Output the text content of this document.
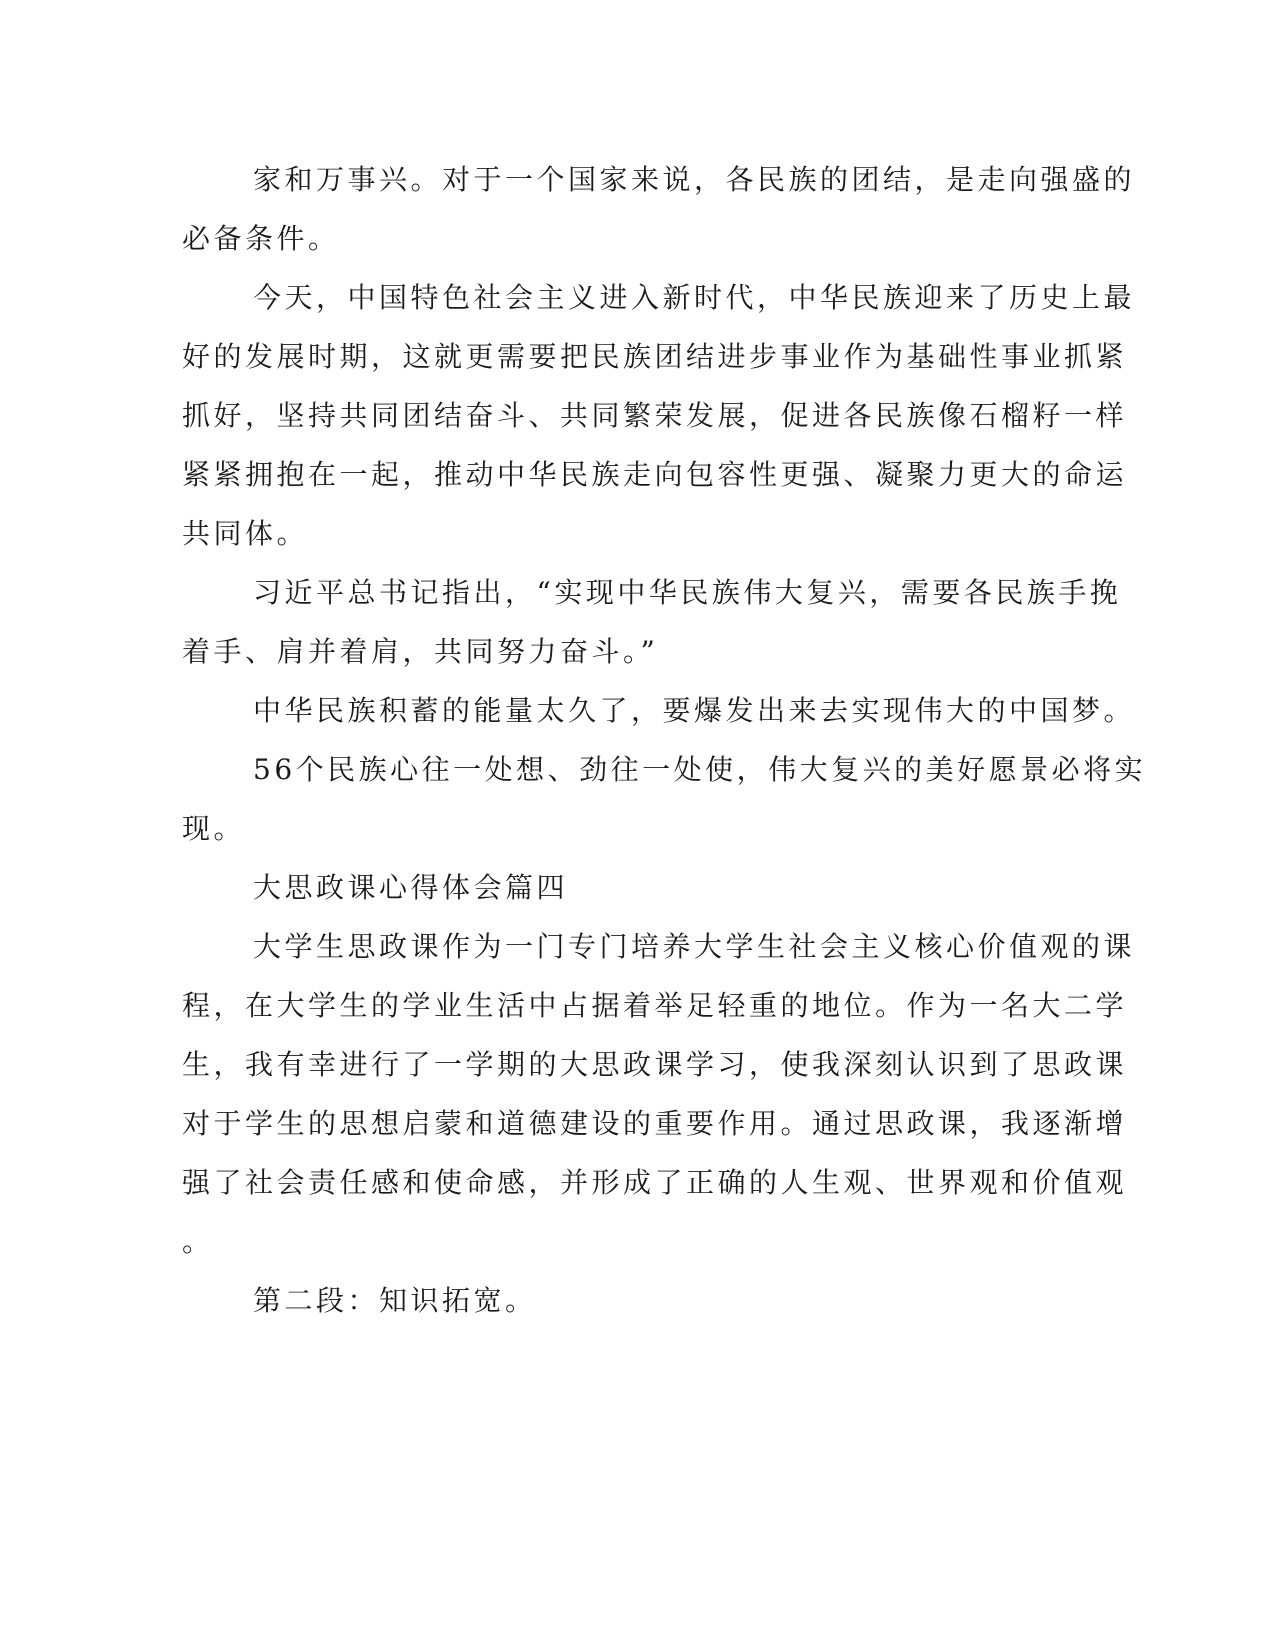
家和万事兴。对于一个国家来说，各民族的团结，是走向强盛的
必备条件。
今天，中国特色社会主义进入新时代，中华民族迎来了历史上最
好的发展时期，这就更需要把民族团结进步事业作为基础性事业抓紧
抓好，坚持共同团结奋斗、共同繁荣发展，促进各民族像石榴籽一样
紧紧拥抱在一起，推动中华民族走向包容性更强、凝聚力更大的命运
共同体。
习近平总书记指出，“实现中华民族伟大复兴，需要各民族手挽
着手、肩并着肩，共同努力奋斗。”
中华民族积蓄的能量太久了，要爆发出来去实现伟大的中国梦。
56个民族心往一处想、劲往一处使，伟大复兴的美好愿景必将实
现。
大思政课心得体会篇四
大学生思政课作为一门专门培养大学生社会主义核心价值观的课
程，在大学生的学业生活中占据着举足轻重的地位。作为一名大二学
生，我有幸进行了一学期的大思政课学习，使我深刻认识到了思政课
对于学生的思想启蒙和道德建设的重要作用。通过思政课，我逐渐增
强了社会责任感和使命感，并形成了正确的人生观、世界观和价值观
。
第二段：知识拓宽。
